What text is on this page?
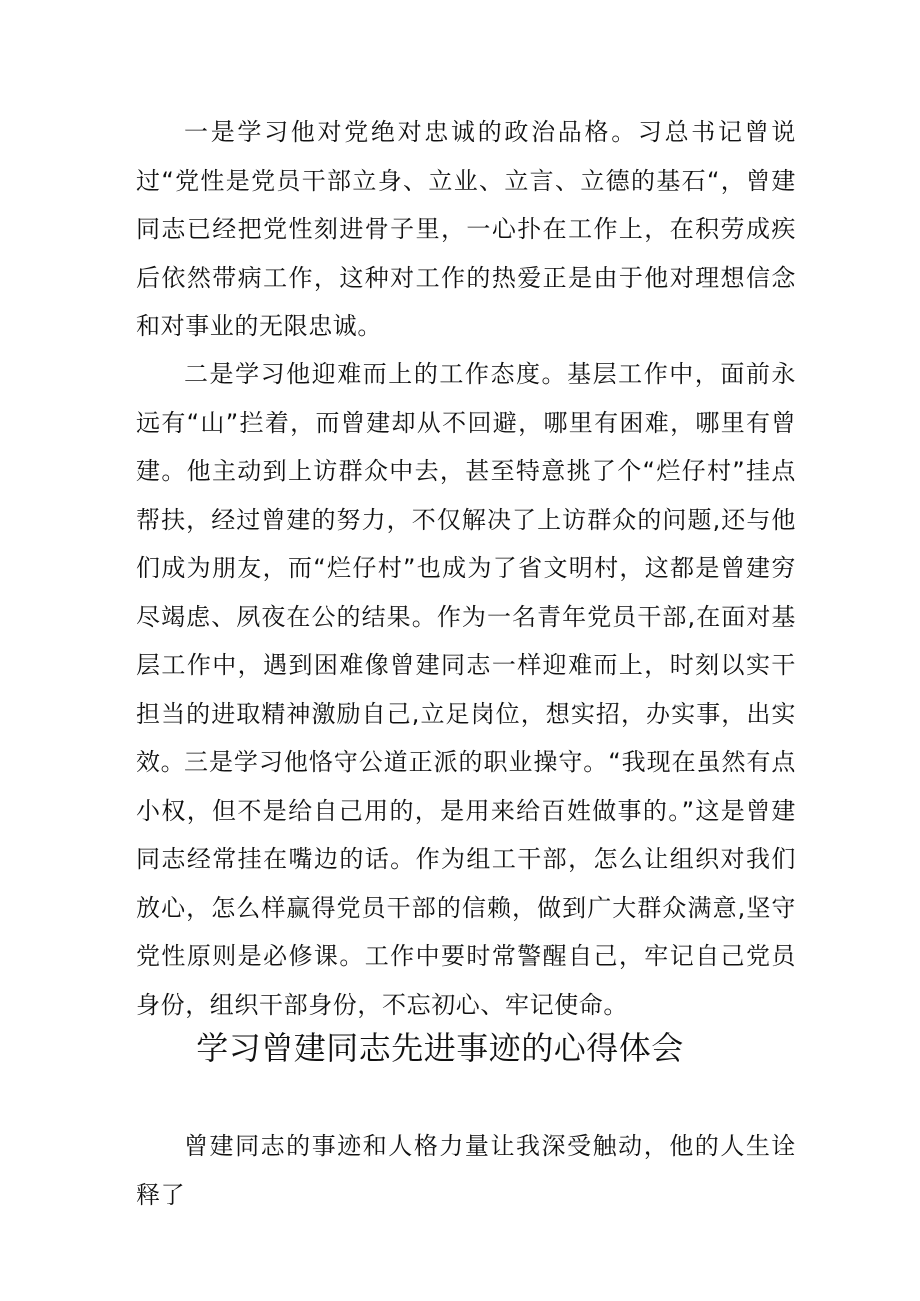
一是学习他对党绝对忠诚的政治品格。习总书记曾说过“党性是党员干部立身、立业、立言、立德的基石“，曾建同志已经把党性刻进骨子里，一心扑在工作上，在积劳成疾后依然带病工作，这种对工作的热爱正是由于他对理想信念和对事业的无限忠诚。

二是学习他迎难而上的工作态度。基层工作中，面前永远有“山”拦着，而曾建却从不回避，哪里有困难，哪里有曾建。他主动到上访群众中去，甚至特意挑了个“烂仔村”挂点帮扶，经过曾建的努力，不仅解决了上访群众的问题,还与他们成为朋友，而“烂仔村”也成为了省文明村，这都是曾建穷尽竭虑、夙夜在公的结果。作为一名青年党员干部,在面对基层工作中，遇到困难像曾建同志一样迎难而上，时刻以实干担当的进取精神激励自己,立足岗位，想实招，办实事，出实效。

三是学习他恪守公道正派的职业操守。“我现在虽然有点小权，但不是给自己用的，是用来给百姓做事的。”这是曾建同志经常挂在嘴边的话。作为组工干部，怎么让组织对我们放心，怎么样赢得党员干部的信赖，做到广大群众满意,坚守党性原则是必修课。工作中要时常警醒自己，牢记自己党员身份，组织干部身份，不忘初心、牢记使命。

学习曾建同志先进事迹的心得体会

曾建同志的事迹和人格力量让我深受触动，他的人生诠释了
